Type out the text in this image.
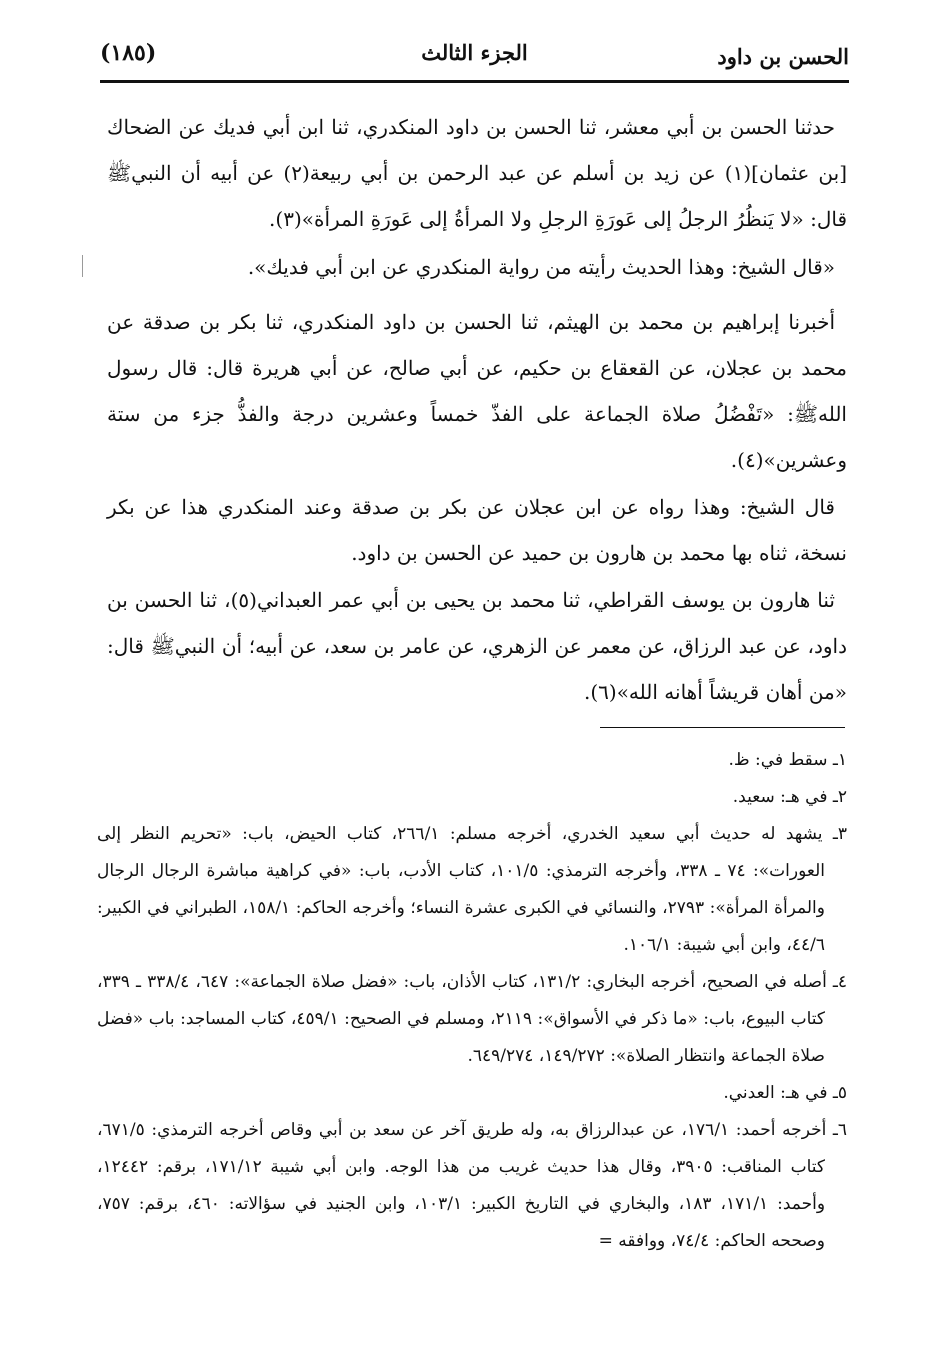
الحسن بن داود
الجزء الثالث
(١٨٥)

حدثنا الحسن بن أبي معشر، ثنا الحسن بن داود المنكدري، ثنا ابن أبي فديك عن الضحاك [بن عثمان](١) عن زيد بن أسلم عن عبد الرحمن بن أبي ربيعة(٢) عن أبيه أن النبيﷺ قال: «لا يَنظُرُ الرجلُ إلى عَورَةِ الرجلِ ولا المرأةُ إلى عَورَةِ المرأة»(٣).

«قال الشيخ: وهذا الحديث رأيته من رواية المنكدري عن ابن أبي فديك».

أخبرنا إبراهيم بن محمد بن الهيثم، ثنا الحسن بن داود المنكدري، ثنا بكر بن صدقة عن محمد بن عجلان، عن القعقاع بن حكيم، عن أبي صالح، عن أبي هريرة قال: قال رسول اللهﷺ: «تَفْضُلُ صلاة الجماعة على الفذّ خمساً وعشرين درجة والفذُّ جزء من ستة وعشرين»(٤).

قال الشيخ: وهذا رواه عن ابن عجلان عن بكر بن صدقة وعند المنكدري هذا عن بكر نسخة، ثناه بها محمد بن هارون بن حميد عن الحسن بن داود.

ثنا هارون بن يوسف القراطي، ثنا محمد بن يحيى بن أبي عمر العبداني(٥)، ثنا الحسن بن داود، عن عبد الرزاق، عن معمر عن الزهري، عن عامر بن سعد، عن أبيه؛ أن النبيﷺ قال: «من أهان قريشاً أهانه الله»(٦).

١ـ سقط في: ظ.

٢ـ في هـ: سعيد.

٣ـ يشهد له حديث أبي سعيد الخدري، أخرجه مسلم: ٢٦٦/١، كتاب الحيض، باب: «تحريم النظر إلى العورات»: ٧٤ ـ ٣٣٨، وأخرجه الترمذي: ١٠١/٥، كتاب الأدب، باب: «في كراهية مباشرة الرجال الرجال والمرأة المرأة»: ٢٧٩٣، والنسائي في الكبرى عشرة النساء؛ وأخرجه الحاكم: ١٥٨/١، الطبراني في الكبير: ٤٤/٦، وابن أبي شيبة: ١٠٦/١.

٤ـ أصله في الصحيح، أخرجه البخاري: ١٣١/٢، كتاب الأذان، باب: «فضل صلاة الجماعة»: ٦٤٧، ٣٣٨/٤ ـ ٣٣٩، كتاب البيوع، باب: «ما ذكر في الأسواق»: ٢١١٩، ومسلم في الصحيح: ٤٥٩/١، كتاب المساجد: باب «فضل صلاة الجماعة وانتظار الصلاة»: ١٤٩/٢٧٢، ٦٤٩/٢٧٤.

٥ـ في هـ: العدني.

٦ـ أخرجه أحمد: ١٧٦/١، عن عبدالرزاق به، وله طريق آخر عن سعد بن أبي وقاص أخرجه الترمذي: ٦٧١/٥، كتاب المناقب: ٣٩٠٥، وقال هذا حديث غريب من هذا الوجه. وابن أبي شيبة ١٧١/١٢، برقم: ١٢٤٤٢، وأحمد: ١٧١/١، ١٨٣، والبخاري في التاريخ الكبير: ١٠٣/١، وابن الجنيد في سؤالاته: ٤٦٠، برقم: ٧٥٧، وصححه الحاكم: ٧٤/٤، ووافقه =
